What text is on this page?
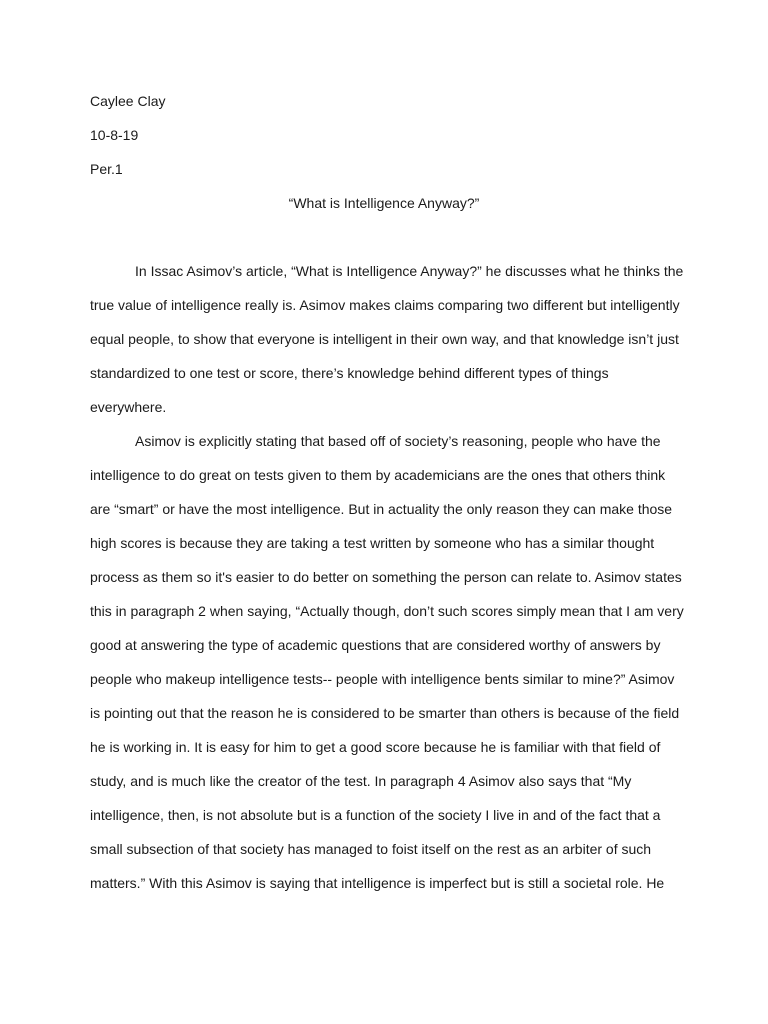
Caylee Clay
10-8-19
Per.1
“What is Intelligence Anyway?”
In Issac Asimov’s article, “What is Intelligence Anyway?” he discusses what he thinks the
true value of intelligence really is. Asimov makes claims comparing two different but intelligently
equal people, to show that everyone is intelligent in their own way, and that knowledge isn’t just
standardized to one test or score, there’s knowledge behind different types of things
everywhere.
Asimov is explicitly stating that based off of society’s reasoning, people who have the
intelligence to do great on tests given to them by academicians are the ones that others think
are “smart” or have the most intelligence. But in actuality the only reason they can make those
high scores is because they are taking a test written by someone who has a similar thought
process as them so it's easier to do better on something the person can relate to. Asimov states
this in paragraph 2 when saying, “Actually though, don’t such scores simply mean that I am very
good at answering the type of academic questions that are considered worthy of answers by
people who makeup intelligence tests-- people with intelligence bents similar to mine?” Asimov
is pointing out that the reason he is considered to be smarter than others is because of the field
he is working in. It is easy for him to get a good score because he is familiar with that field of
study, and is much like the creator of the test. In paragraph 4 Asimov also says that “My
intelligence, then, is not absolute but is a function of the society I live in and of the fact that a
small subsection of that society has managed to foist itself on the rest as an arbiter of such
matters.” With this Asimov is saying that intelligence is imperfect but is still a societal role. He
